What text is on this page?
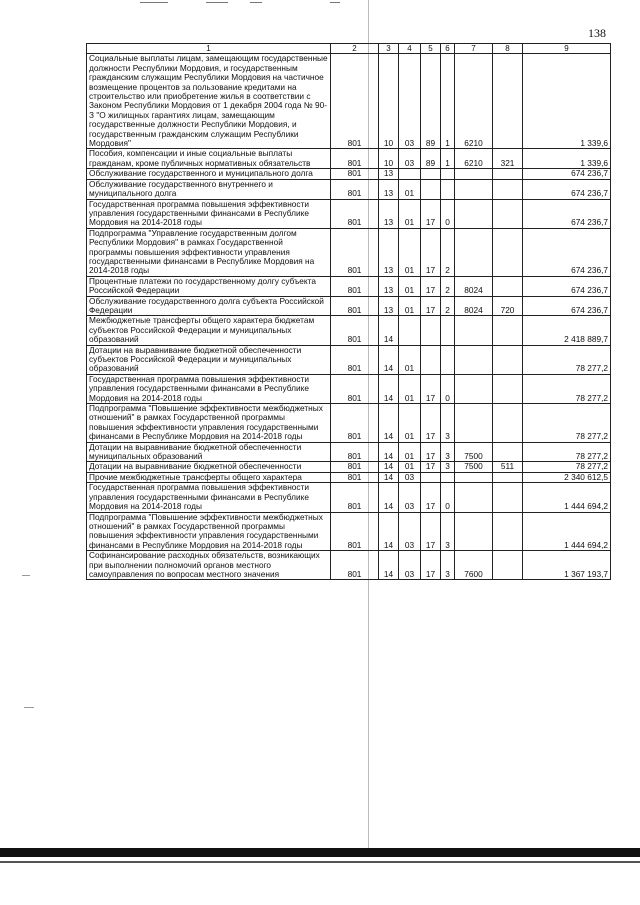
138
1	2	3	4	5	6	7	8	9
Социальные выплаты лицам, замещающим государственные должности Республики Мордовия, и государственным гражданским служащим Республики Мордовия на частичное возмещение процентов за пользование кредитами на строительство или приобретение жилья в соответствии с Законом Республики Мордовия от 1 декабря 2004 года № 90-З "О жилищных гарантиях лицам, замещающим государственные должности Республики Мордовия, и государственным гражданским служащим Республики Мордовия"	801	10	03	89	1	6210		1 339,6
Пособия, компенсации и иные социальные выплаты гражданам, кроме публичных нормативных обязательств	801	10	03	89	1	6210	321	1 339,6
Обслуживание государственного и муниципального долга	801	13						674 236,7
Обслуживание государственного внутреннего и муниципального долга	801	13	01					674 236,7
Государственная программа повышения эффективности управления государственными финансами в Республике Мордовия на 2014-2018 годы	801	13	01	17	0			674 236,7
Подпрограмма "Управление государственным долгом Республики Мордовия" в рамках Государственной программы повышения эффективности управления государственными финансами в Республике Мордовия на 2014-2018 годы	801	13	01	17	2			674 236,7
Процентные платежи по государственному долгу субъекта Российской Федерации	801	13	01	17	2	8024		674 236,7
Обслуживание государственного долга субъекта Российской Федерации	801	13	01	17	2	8024	720	674 236,7
Межбюджетные трансферты общего характера бюджетам субъектов Российской Федерации и муниципальных образований	801	14						2 418 889,7
Дотации на выравнивание бюджетной обеспеченности субъектов Российской Федерации и муниципальных образований	801	14	01					78 277,2
Государственная программа повышения эффективности управления государственными финансами в Республике Мордовия на 2014-2018 годы	801	14	01	17	0			78 277,2
Подпрограмма "Повышение эффективности межбюджетных отношений" в рамках Государственной программы повышения эффективности управления государственными финансами в Республике Мордовия на 2014-2018 годы	801	14	01	17	3			78 277,2
Дотации на выравнивание бюджетной обеспеченности муниципальных образований	801	14	01	17	3	7500		78 277,2
Дотации на выравнивание бюджетной обеспеченности	801	14	01	17	3	7500	511	78 277,2
Прочие межбюджетные трансферты общего характера	801	14	03					2 340 612,5
Государственная программа повышения эффективности управления государственными финансами в Республике Мордовия на 2014-2018 годы	801	14	03	17	0			1 444 694,2
Подпрограмма "Повышение эффективности межбюджетных отношений" в рамках Государственной программы повышения эффективности управления государственными финансами в Республике Мордовия на 2014-2018 годы	801	14	03	17	3			1 444 694,2
Софинансирование расходных обязательств, возникающих при выполнении полномочий органов местного самоуправления по вопросам местного значения	801	14	03	17	3	7600		1 367 193,7
